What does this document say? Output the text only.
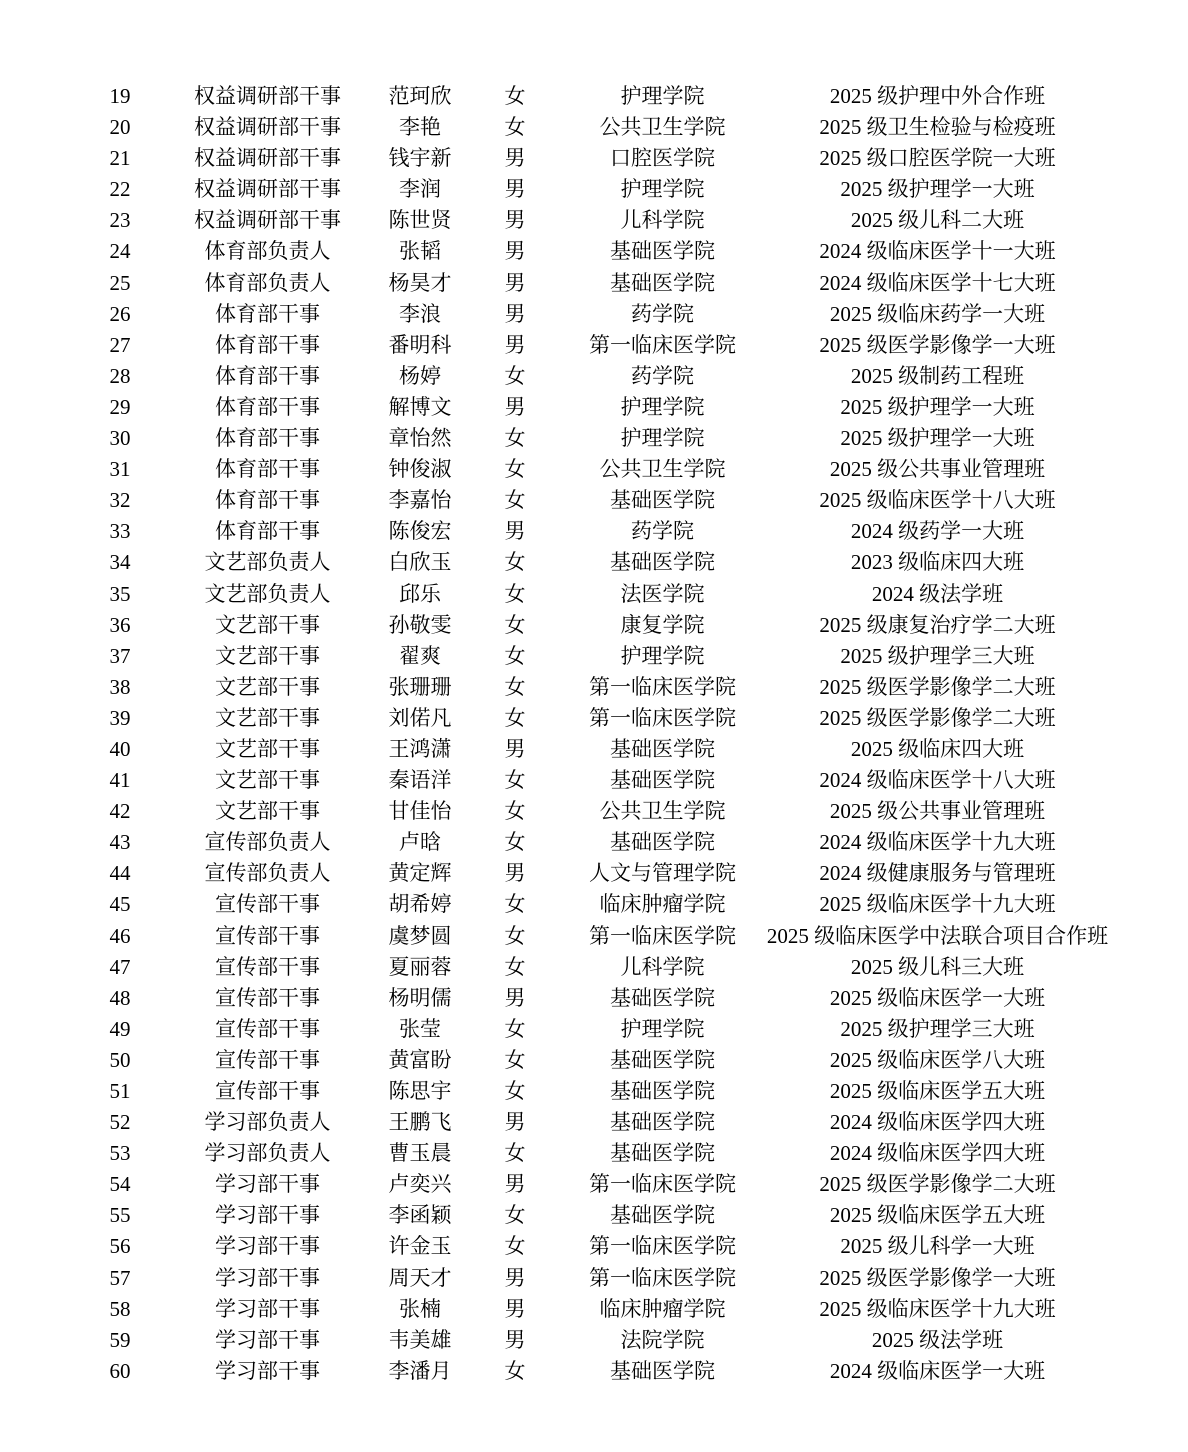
19	权益调研部干事	范珂欣	女	护理学院	2025 级护理中外合作班
20	权益调研部干事	李艳	女	公共卫生学院	2025 级卫生检验与检疫班
21	权益调研部干事	钱宇新	男	口腔医学院	2025 级口腔医学院一大班
22	权益调研部干事	李润	男	护理学院	2025 级护理学一大班
23	权益调研部干事	陈世贤	男	儿科学院	2025 级儿科二大班
24	体育部负责人	张韬	男	基础医学院	2024 级临床医学十一大班
25	体育部负责人	杨昊才	男	基础医学院	2024 级临床医学十七大班
26	体育部干事	李浪	男	药学院	2025 级临床药学一大班
27	体育部干事	番明科	男	第一临床医学院	2025 级医学影像学一大班
28	体育部干事	杨婷	女	药学院	2025 级制药工程班
29	体育部干事	解博文	男	护理学院	2025 级护理学一大班
30	体育部干事	章怡然	女	护理学院	2025 级护理学一大班
31	体育部干事	钟俊淑	女	公共卫生学院	2025 级公共事业管理班
32	体育部干事	李嘉怡	女	基础医学院	2025 级临床医学十八大班
33	体育部干事	陈俊宏	男	药学院	2024 级药学一大班
34	文艺部负责人	白欣玉	女	基础医学院	2023 级临床四大班
35	文艺部负责人	邱乐	女	法医学院	2024 级法学班
36	文艺部干事	孙敬雯	女	康复学院	2025 级康复治疗学二大班
37	文艺部干事	翟爽	女	护理学院	2025 级护理学三大班
38	文艺部干事	张珊珊	女	第一临床医学院	2025 级医学影像学二大班
39	文艺部干事	刘偌凡	女	第一临床医学院	2025 级医学影像学二大班
40	文艺部干事	王鸿潇	男	基础医学院	2025 级临床四大班
41	文艺部干事	秦语洋	女	基础医学院	2024 级临床医学十八大班
42	文艺部干事	甘佳怡	女	公共卫生学院	2025 级公共事业管理班
43	宣传部负责人	卢晗	女	基础医学院	2024 级临床医学十九大班
44	宣传部负责人	黄定辉	男	人文与管理学院	2024 级健康服务与管理班
45	宣传部干事	胡希婷	女	临床肿瘤学院	2025 级临床医学十九大班
46	宣传部干事	虞梦圆	女	第一临床医学院	2025 级临床医学中法联合项目合作班
47	宣传部干事	夏丽蓉	女	儿科学院	2025 级儿科三大班
48	宣传部干事	杨明儒	男	基础医学院	2025 级临床医学一大班
49	宣传部干事	张莹	女	护理学院	2025 级护理学三大班
50	宣传部干事	黄富盼	女	基础医学院	2025 级临床医学八大班
51	宣传部干事	陈思宇	女	基础医学院	2025 级临床医学五大班
52	学习部负责人	王鹏飞	男	基础医学院	2024 级临床医学四大班
53	学习部负责人	曹玉晨	女	基础医学院	2024 级临床医学四大班
54	学习部干事	卢奕兴	男	第一临床医学院	2025 级医学影像学二大班
55	学习部干事	李函颖	女	基础医学院	2025 级临床医学五大班
56	学习部干事	许金玉	女	第一临床医学院	2025 级儿科学一大班
57	学习部干事	周天才	男	第一临床医学院	2025 级医学影像学一大班
58	学习部干事	张楠	男	临床肿瘤学院	2025 级临床医学十九大班
59	学习部干事	韦美雄	男	法院学院	2025 级法学班
60	学习部干事	李潘月	女	基础医学院	2024 级临床医学一大班
